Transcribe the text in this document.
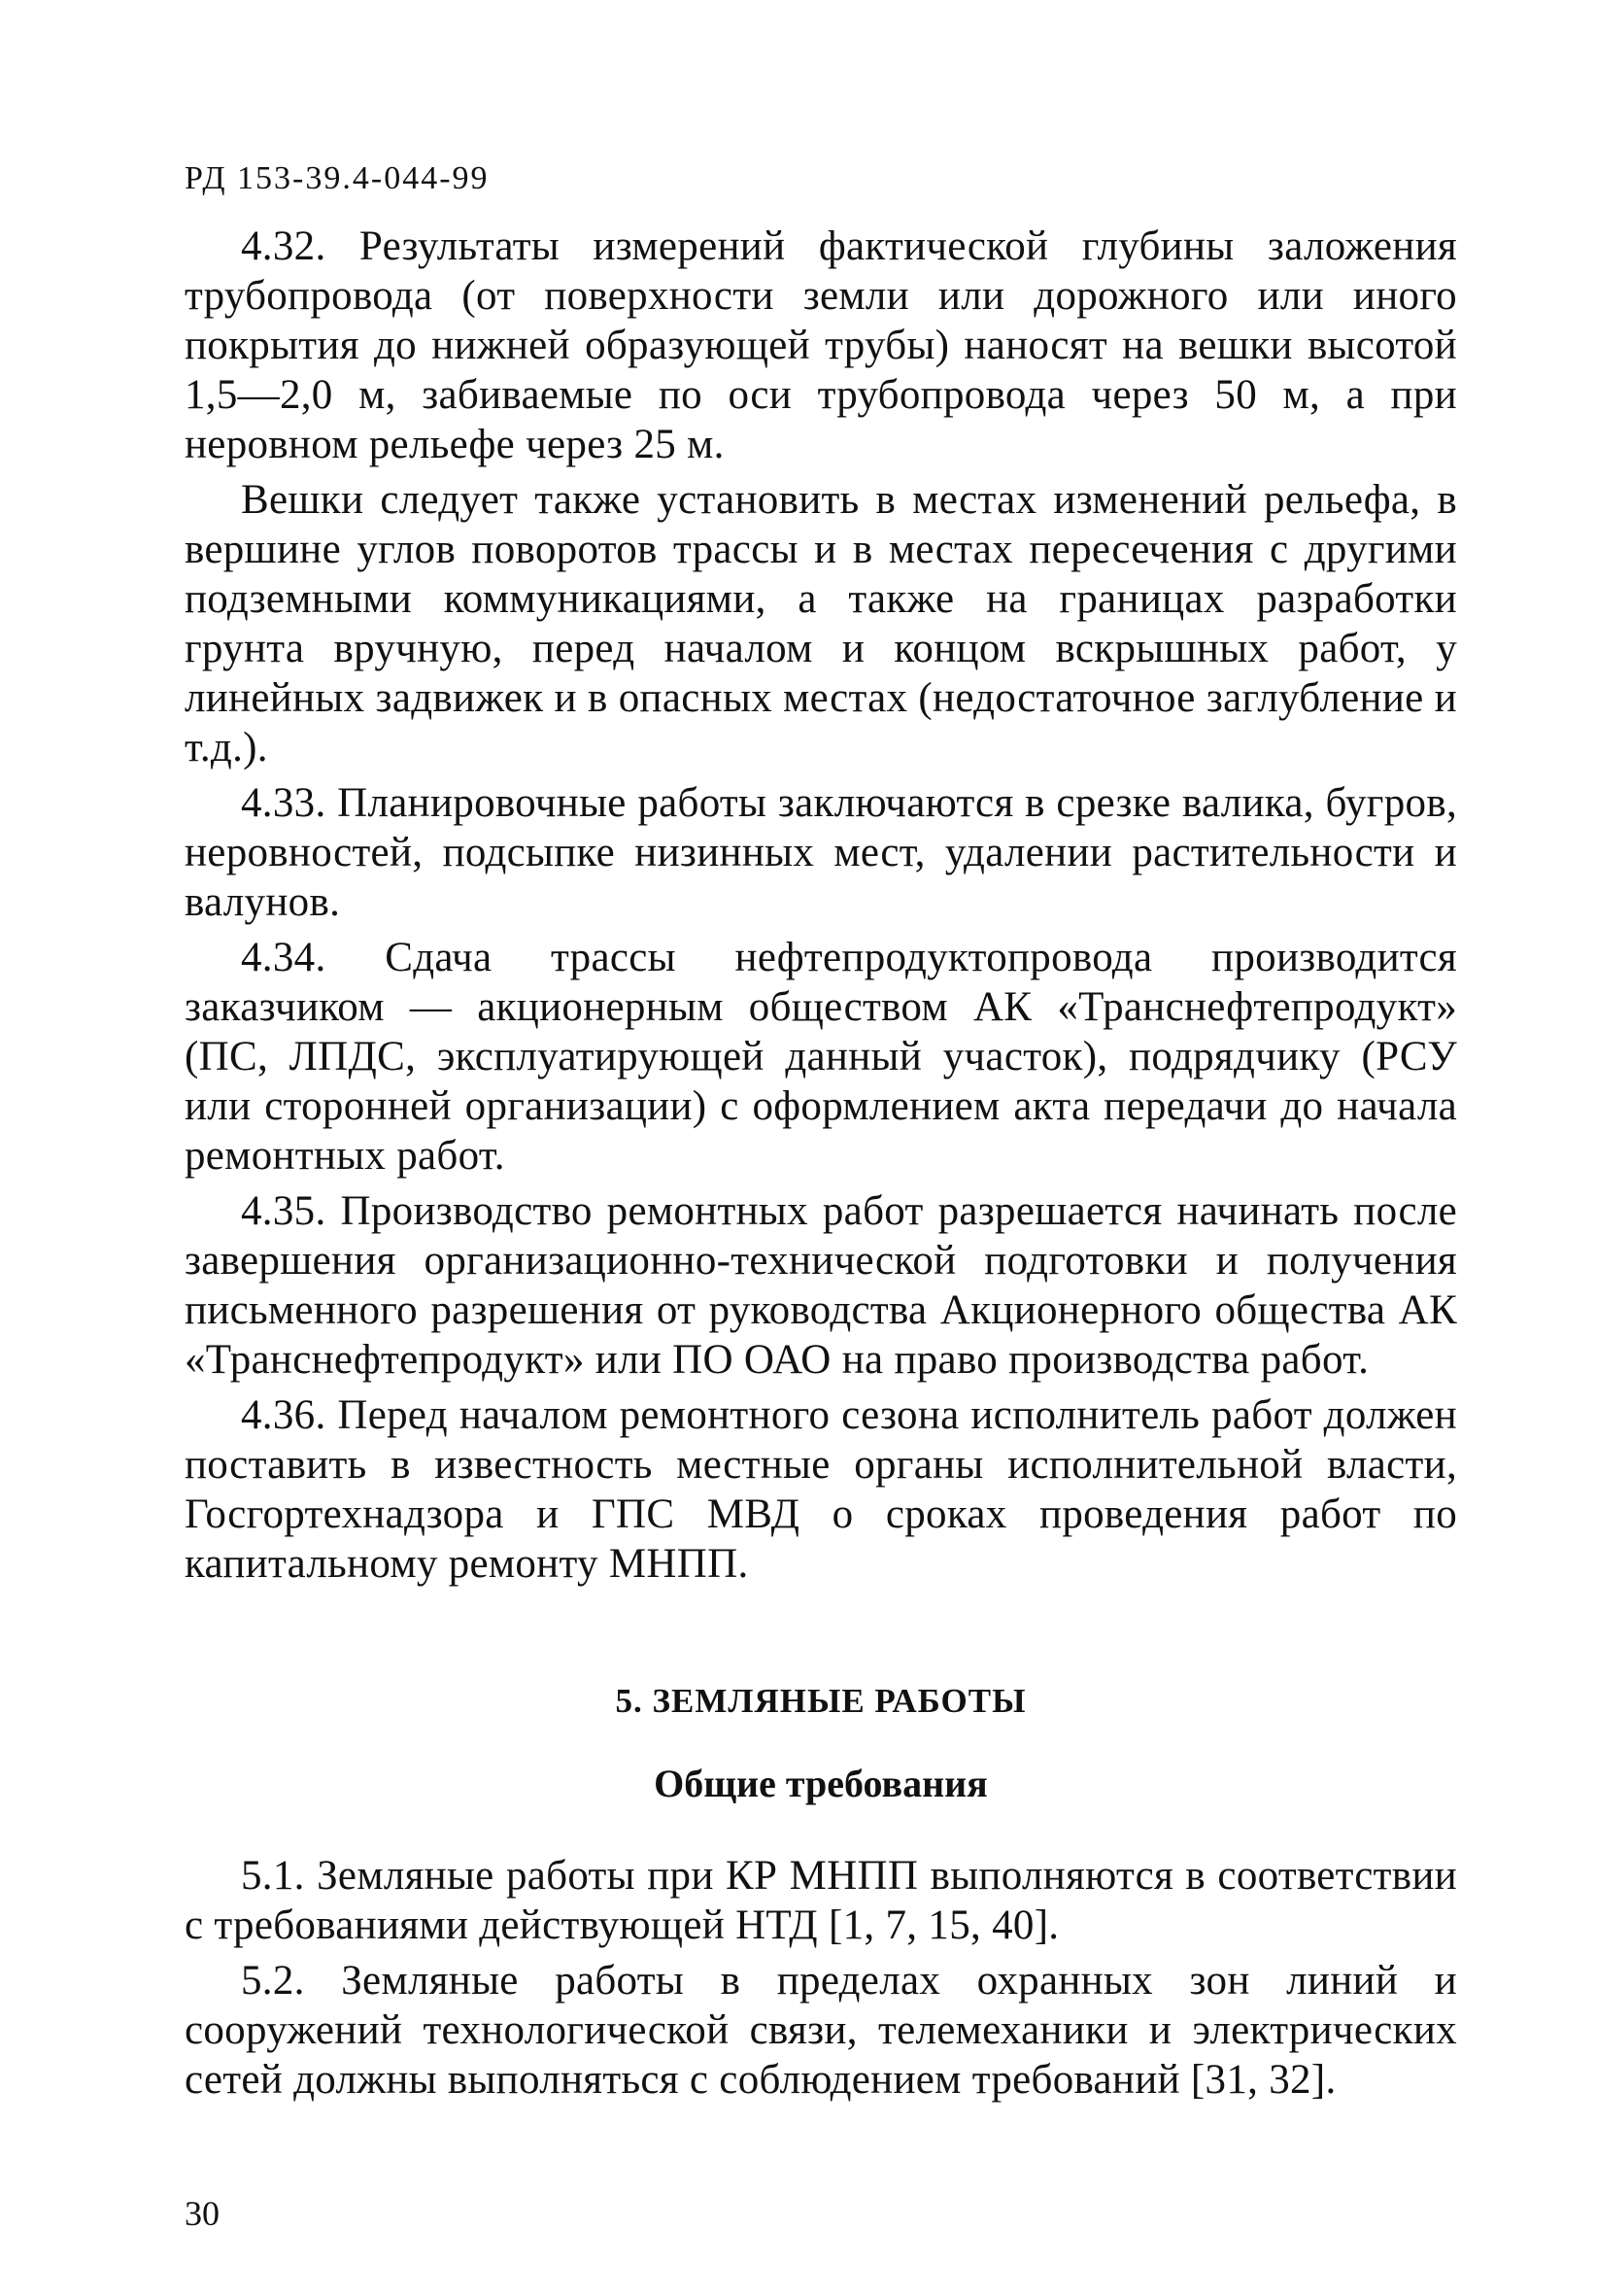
РД 153-39.4-044-99

4.32. Результаты измерений фактической глубины заложения трубопровода (от поверхности земли или дорожного или иного покрытия до нижней образующей трубы) наносят на вешки высотой 1,5—2,0 м, забиваемые по оси трубопровода через 50 м, а при неровном рельефе через 25 м.

Вешки следует также установить в местах изменений рельефа, в вершине углов поворотов трассы и в местах пересечения с другими подземными коммуникациями, а также на границах разработки грунта вручную, перед началом и концом вскрышных работ, у линейных задвижек и в опасных местах (недостаточное заглубление и т.д.).

4.33. Планировочные работы заключаются в срезке валика, бугров, неровностей, подсыпке низинных мест, удалении растительности и валунов.

4.34. Сдача трассы нефтепродуктопровода производится заказчиком — акционерным обществом АК «Транснефтепродукт» (ПС, ЛПДС, эксплуатирующей данный участок), подрядчику (РСУ или сторонней организации) с оформлением акта передачи до начала ремонтных работ.

4.35. Производство ремонтных работ разрешается начинать после завершения организационно-технической подготовки и получения письменного разрешения от руководства Акционерного общества АК «Транснефтепродукт» или ПО ОАО на право производства работ.

4.36. Перед началом ремонтного сезона исполнитель работ должен поставить в известность местные органы исполнительной власти, Госгортехнадзора и ГПС МВД о сроках проведения работ по капитальному ремонту МНПП.

5. ЗЕМЛЯНЫЕ РАБОТЫ
Общие требования

5.1. Земляные работы при КР МНПП выполняются в соответствии с требованиями действующей НТД [1, 7, 15, 40].

5.2. Земляные работы в пределах охранных зон линий и сооружений технологической связи, телемеханики и электрических сетей должны выполняться с соблюдением требований [31, 32].

30
